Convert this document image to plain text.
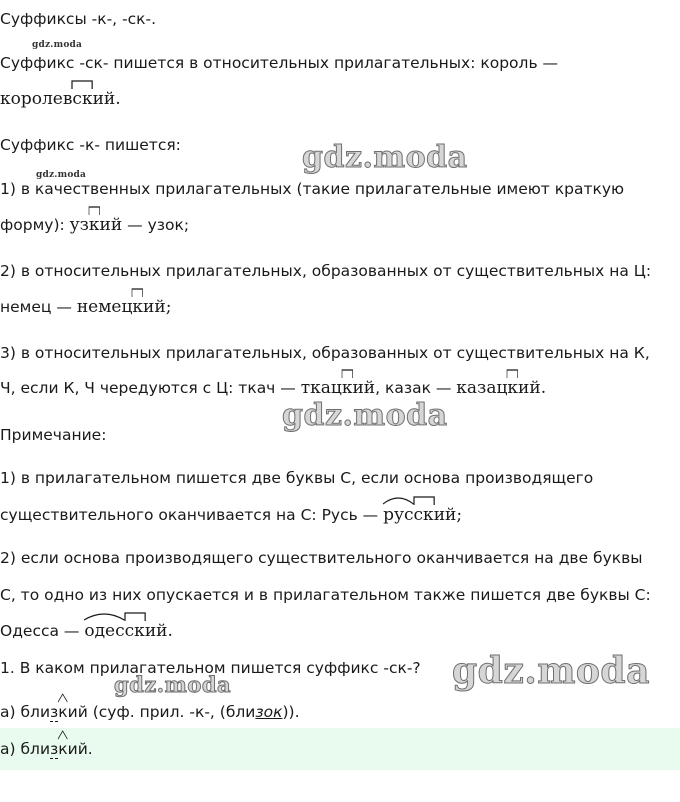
Суффиксы -к-, -ск-.
gdz.moda
Суффикс -ск- пишется в относительных прилагательных: король —
королев
ский.
Суффикс -к- пишется:	gdz.moda
gdz.moda
1) в качественных прилагательных (такие прилагательные имеют краткую
форму): уз
кий — узок;
2) в относительных прилагательных, образованных от существительных на Ц:
немец — немец
кий;
3) в относительных прилагательных, образованных от существительных на К,
Ч, если К, Ч чередуются с Ц: ткач — ткац
кий, казак — казац
кий.
gdz.moda
Примечание:
1) в прилагательном пишется две буквы С, если основа производящего
существительного оканчивается на С: Русь —
рус
ский;
2) если основа производящего существительного оканчивается на две буквы
С, то одно из них опускается и в прилагательном также пишется две буквы С:
Одесса —
одес
ский.
1. В каком прилагательном пишется суффикс -ск-? gdz.moda
gdz.moda
а) близ
кий (суф. прил. -к-, (близок)).
а) близ
кий.
